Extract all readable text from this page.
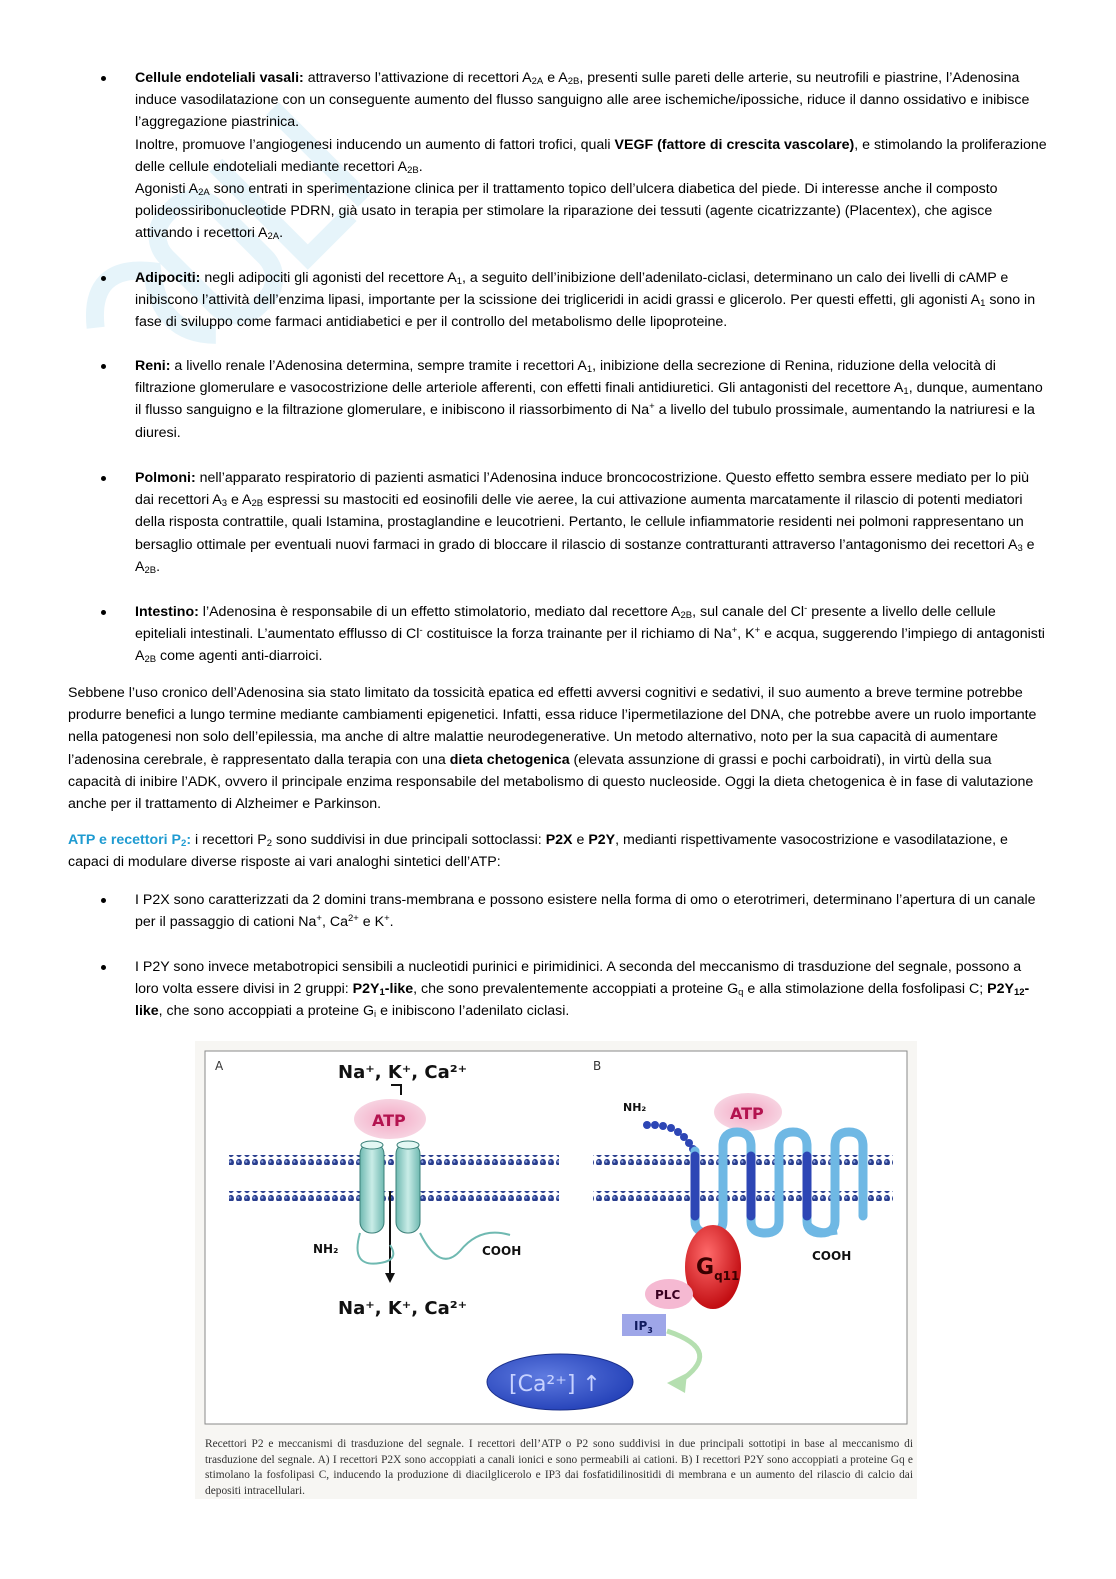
Cellule endoteliali vasali: attraverso l’attivazione di recettori $A_{2A}$ e $A_{2B}$, presenti sulle pareti delle arterie, su neutrofili e piastrine, l’Adenosina induce vasodilatazione con un conseguente aumento del flusso sanguigno alle aree ischemiche/ipossiche, riduce il danno ossidativo e inibisce l’aggregazione piastrinica.

Inoltre, promuove l’angiogenesi inducendo un aumento di fattori trofici, quali VEGF (fattore di crescita vascolare), e stimolando la proliferazione delle cellule endoteliali mediante recettori $A_{2B}$.

Agonisti $A_{2A}$ sono entrati in sperimentazione clinica per il trattamento topico dell’ulcera diabetica del piede. Di interesse anche il composto polideossiribonucleotide PDRN, già usato in terapia per stimolare la riparazione dei tessuti (agente cicatrizzante) (Placentex), che agisce attivando i recettori $A_{2A}$.

Adipociti: negli adipociti gli agonisti del recettore $A_1$, a seguito dell’inibizione dell’adenilato-ciclasi, determinano un calo dei livelli di cAMP e inibiscono l’attività dell’enzima lipasi, importante per la scissione dei trigliceridi in acidi grassi e glicerolo. Per questi effetti, gli agonisti $A_1$ sono in fase di sviluppo come farmaci antidiabetici e per il controllo del metabolismo delle lipoproteine.

Reni: a livello renale l’Adenosina determina, sempre tramite i recettori $A_1$, inibizione della secrezione di Renina, riduzione della velocità di filtrazione glomerulare e vasocostrizione delle arteriole afferenti, con effetti finali antidiuretici. Gli antagonisti del recettore $A_1$, dunque, aumentano il flusso sanguigno e la filtrazione glomerulare, e inibiscono il riassorbimento di Na+ a livello del tubulo prossimale, aumentando la natriuresi e la diuresi.

Polmoni: nell’apparato respiratorio di pazienti asmatici l’Adenosina induce broncocostrizione. Questo effetto sembra essere mediato per lo più dai recettori $A_3$ e $A_{2B}$ espressi su mastociti ed eosinofili delle vie aeree, la cui attivazione aumenta marcatamente il rilascio di potenti mediatori della risposta contrattile, quali Istamina, prostaglandine e leucotrieni. Pertanto, le cellule infiammatorie residenti nei polmoni rappresentano un bersaglio ottimale per eventuali nuovi farmaci in grado di bloccare il rilascio di sostanze contratturanti attraverso l’antagonismo dei recettori $A_3$ e $A_{2B}$.

Intestino: l’Adenosina è responsabile di un effetto stimolatorio, mediato dal recettore $A_{2B}$, sul canale del Cl- presente a livello delle cellule epiteliali intestinali. L’aumentato efflusso di Cl- costituisce la forza trainante per il richiamo di Na+, K+ e acqua, suggerendo l’impiego di antagonisti $A_{2B}$ come agenti anti-diarroici.

Sebbene l’uso cronico dell’Adenosina sia stato limitato da tossicità epatica ed effetti avversi cognitivi e sedativi, il suo aumento a breve termine potrebbe produrre benefici a lungo termine mediante cambiamenti epigenetici. Infatti, essa riduce l’ipermetilazione del DNA, che potrebbe avere un ruolo importante nella patogenesi non solo dell’epilessia, ma anche di altre malattie neurodegenerative. Un metodo alternativo, noto per la sua capacità di aumentare l’adenosina cerebrale, è rappresentato dalla terapia con una dieta chetogenica (elevata assunzione di grassi e pochi carboidrati), in virtù della sua capacità di inibire l’ADK, ovvero il principale enzima responsabile del metabolismo di questo nucleoside. Oggi la dieta chetogenica è in fase di valutazione anche per il trattamento di Alzheimer e Parkinson.

ATP e recettori $P_2$: i recettori $P_2$ sono suddivisi in due principali sottoclassi: P2X e P2Y, medianti rispettivamente vasocostrizione e vasodilatazione, e capaci di modulare diverse risposte ai vari analoghi sintetici dell’ATP:

I P2X sono caratterizzati da 2 domini trans-membrana e possono esistere nella forma di omo o eterotrimeri, determinano l’apertura di un canale per il passaggio di cationi Na+, $Ca^{2+}$ e K+.

I P2Y sono invece metabotropici sensibili a nucleotidi purinici e pirimidinici. A seconda del meccanismo di trasduzione del segnale, possono a loro volta essere divisi in 2 gruppi: $P2Y_1$-like, che sono prevalentemente accoppiati a proteine $G_q$ e alla stimolazione della fosfolipasi C; $P2Y_{12}$-like, che sono accoppiati a proteine $G_i$ e inibiscono l’adenilato ciclasi.

A	B
Na⁺, K⁺, Ca²⁺
ATP
NH₂	COOH
Na⁺, K⁺, Ca²⁺
NH₂	ATP
COOH
$G_{q11}$
PLC
$IP_3$
[Ca²⁺] ↑

Recettori P2 e meccanismi di trasduzione del segnale. I recettori dell’ATP o P2 sono suddivisi in due principali sottotipi in base al meccanismo di trasduzione del segnale. A) I recettori P2X sono accoppiati a canali ionici e sono permeabili ai cationi. B) I recettori P2Y sono accoppiati a proteine Gq e stimolano la fosfolipasi C, inducendo la produzione di diacilglicerolo e IP3 dai fosfatidilinositidi di membrana e un aumento del rilascio di calcio dai depositi intracellulari.
